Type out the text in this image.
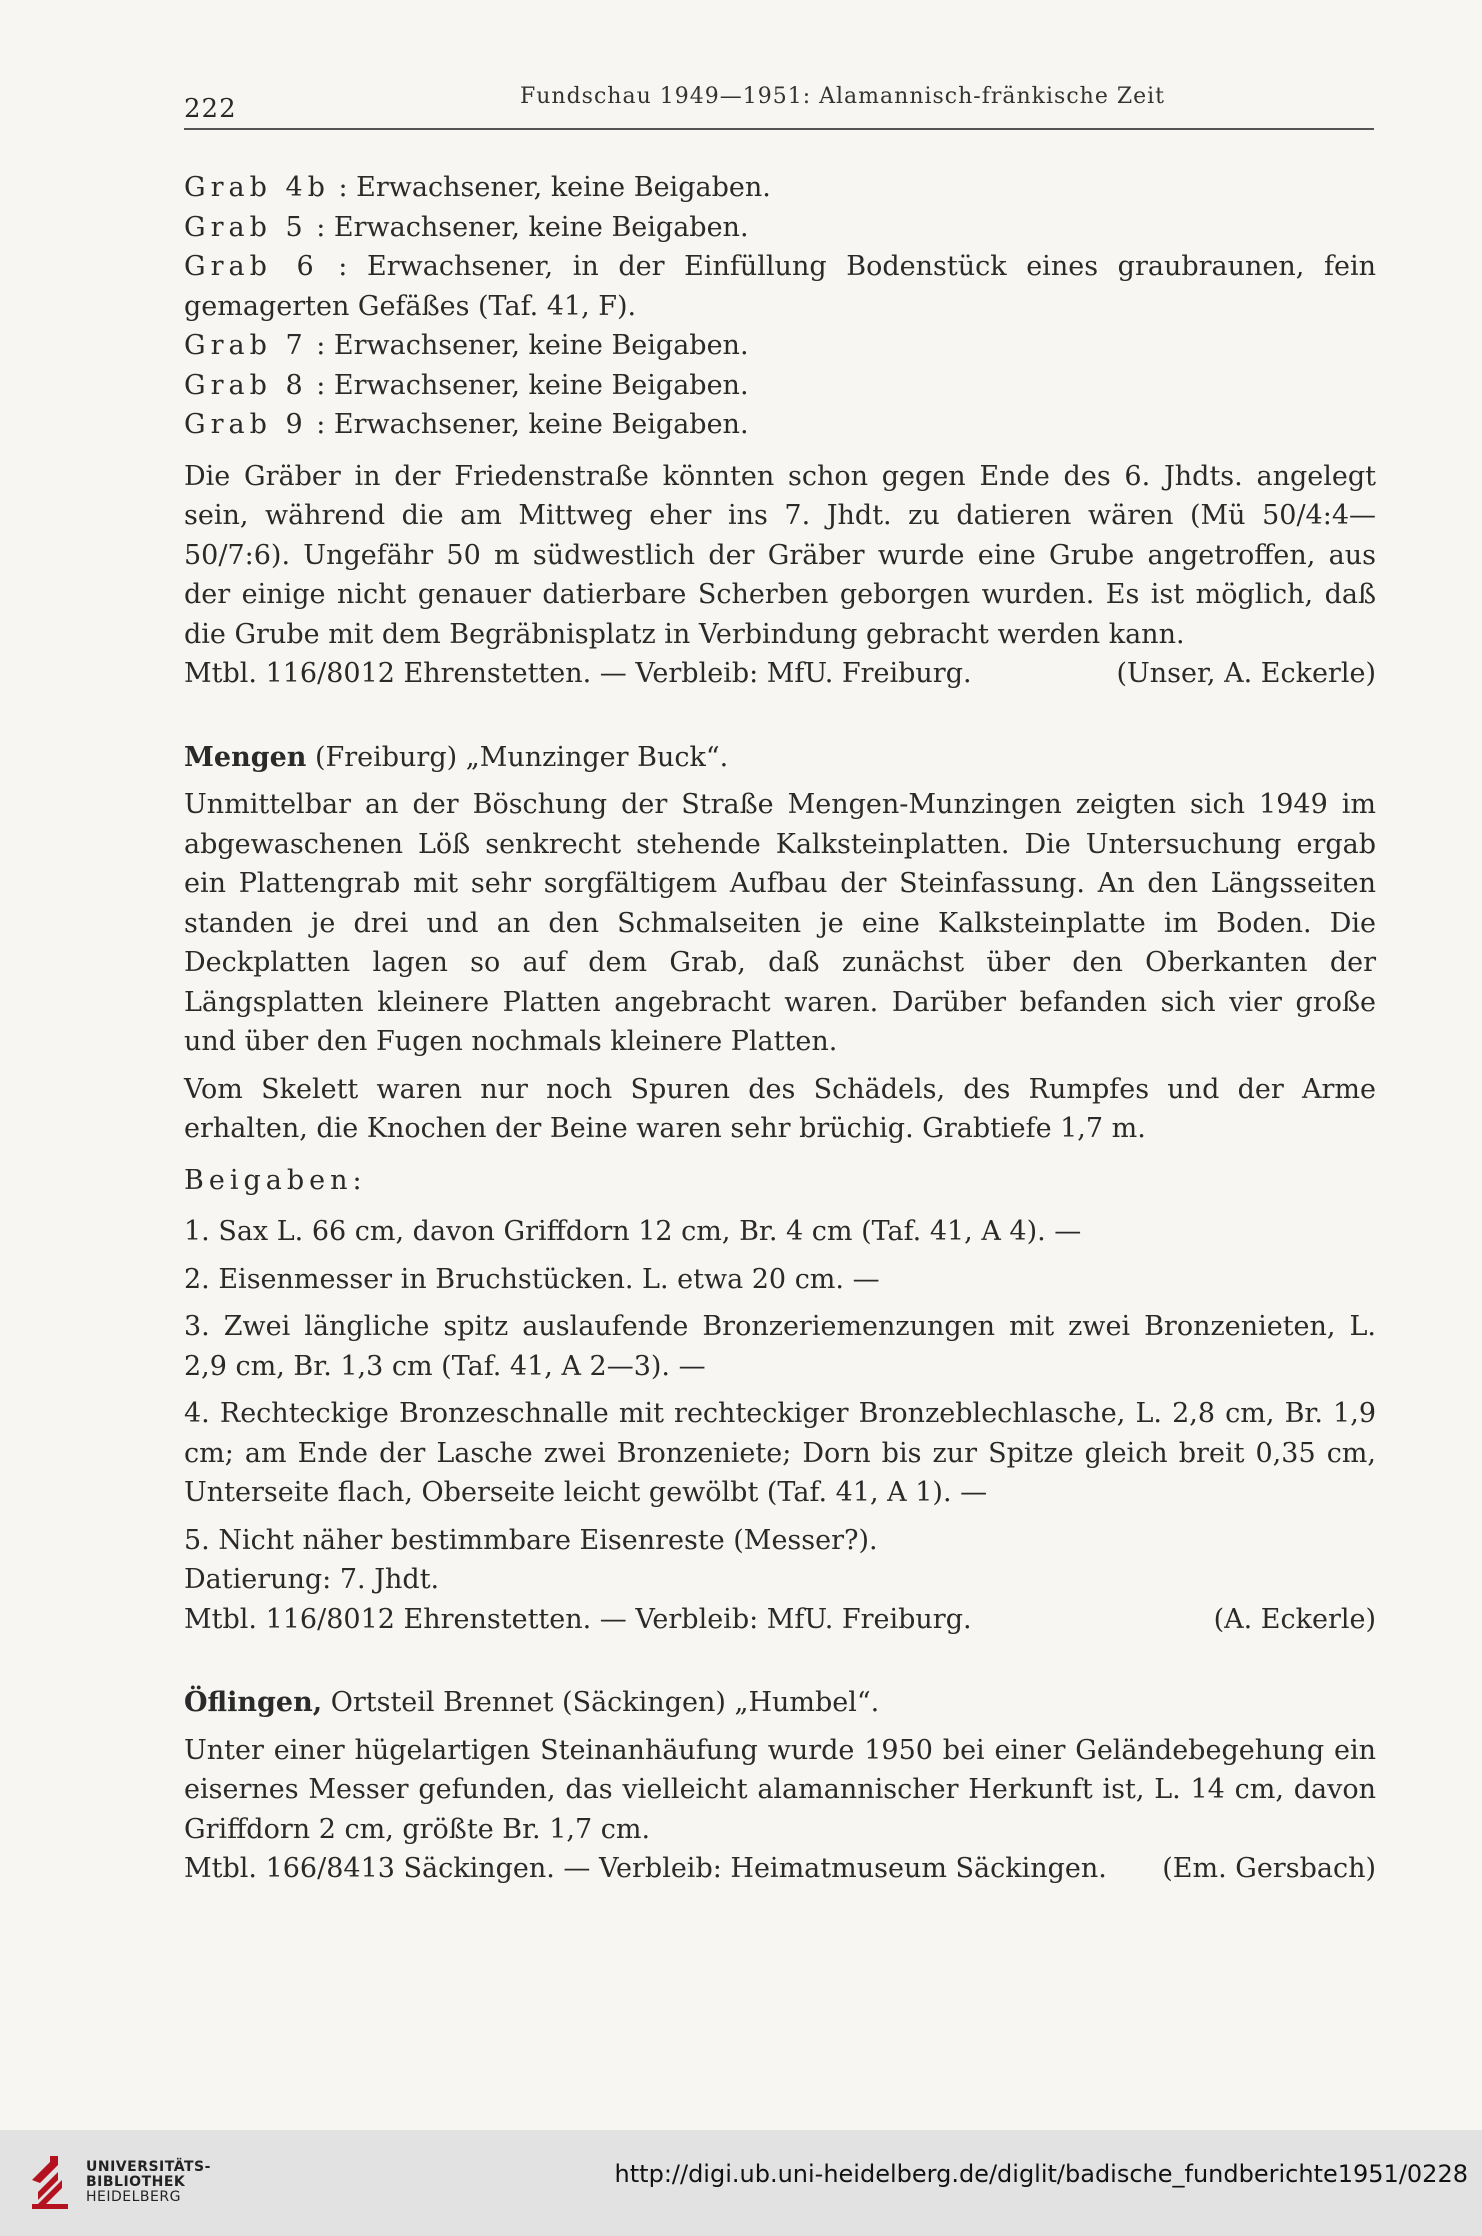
222	Fundschau 1949—1951: Alamannisch-fränkische Zeit

Grab 4b : Erwachsener, keine Beigaben.

Grab 5 : Erwachsener, keine Beigaben.

Grab 6 : Erwachsener, in der Einfüllung Bodenstück eines graubraunen, fein gemagerten Gefäßes (Taf. 41, F).

Grab 7 : Erwachsener, keine Beigaben.

Grab 8 : Erwachsener, keine Beigaben.

Grab 9 : Erwachsener, keine Beigaben.

Die Gräber in der Friedenstraße könnten schon gegen Ende des 6. Jhdts. angelegt sein, während die am Mittweg eher ins 7. Jhdt. zu datieren wären (Mü 50/4:4—50/7:6). Ungefähr 50 m südwestlich der Gräber wurde eine Grube angetroffen, aus der einige nicht genauer datierbare Scherben geborgen wurden. Es ist möglich, daß die Grube mit dem Begräbnisplatz in Verbindung gebracht werden kann.

Mtbl. 116/8012 Ehrenstetten. — Verbleib: MfU. Freiburg.	(Unser, A. Eckerle)

Mengen (Freiburg) „Munzinger Buck“.

Unmittelbar an der Böschung der Straße Mengen-Munzingen zeigten sich 1949 im abgewaschenen Löß senkrecht stehende Kalksteinplatten. Die Untersuchung ergab ein Plattengrab mit sehr sorgfältigem Aufbau der Steinfassung. An den Längsseiten standen je drei und an den Schmalseiten je eine Kalksteinplatte im Boden. Die Deckplatten lagen so auf dem Grab, daß zunächst über den Oberkanten der Längsplatten kleinere Platten angebracht waren. Darüber befanden sich vier große und über den Fugen nochmals kleinere Platten.

Vom Skelett waren nur noch Spuren des Schädels, des Rumpfes und der Arme erhalten, die Knochen der Beine waren sehr brüchig. Grabtiefe 1,7 m.

Beigaben:

1. Sax L. 66 cm, davon Griffdorn 12 cm, Br. 4 cm (Taf. 41, A 4). —

2. Eisenmesser in Bruchstücken. L. etwa 20 cm. —

3. Zwei längliche spitz auslaufende Bronzeriemenzungen mit zwei Bronzenieten, L. 2,9 cm, Br. 1,3 cm (Taf. 41, A 2—3). —

4. Rechteckige Bronzeschnalle mit rechteckiger Bronzeblechlasche, L. 2,8 cm, Br. 1,9 cm; am Ende der Lasche zwei Bronzeniete; Dorn bis zur Spitze gleich breit 0,35 cm, Unterseite flach, Oberseite leicht gewölbt (Taf. 41, A 1). —

5. Nicht näher bestimmbare Eisenreste (Messer?).

Datierung: 7. Jhdt.

Mtbl. 116/8012 Ehrenstetten. — Verbleib: MfU. Freiburg.	(A. Eckerle)

Öflingen, Ortsteil Brennet (Säckingen) „Humbel“.

Unter einer hügelartigen Steinanhäufung wurde 1950 bei einer Geländebegehung ein eisernes Messer gefunden, das vielleicht alamannischer Herkunft ist, L. 14 cm, davon Griffdorn 2 cm, größte Br. 1,7 cm.

Mtbl. 166/8413 Säckingen. — Verbleib: Heimatmuseum Säckingen. (Em. Gersbach)
UNIVERSITÄTS-
BIBLIOTHEK
HEIDELBERG
http://digi.ub.uni-heidelberg.de/diglit/badische_fundberichte1951/0228
